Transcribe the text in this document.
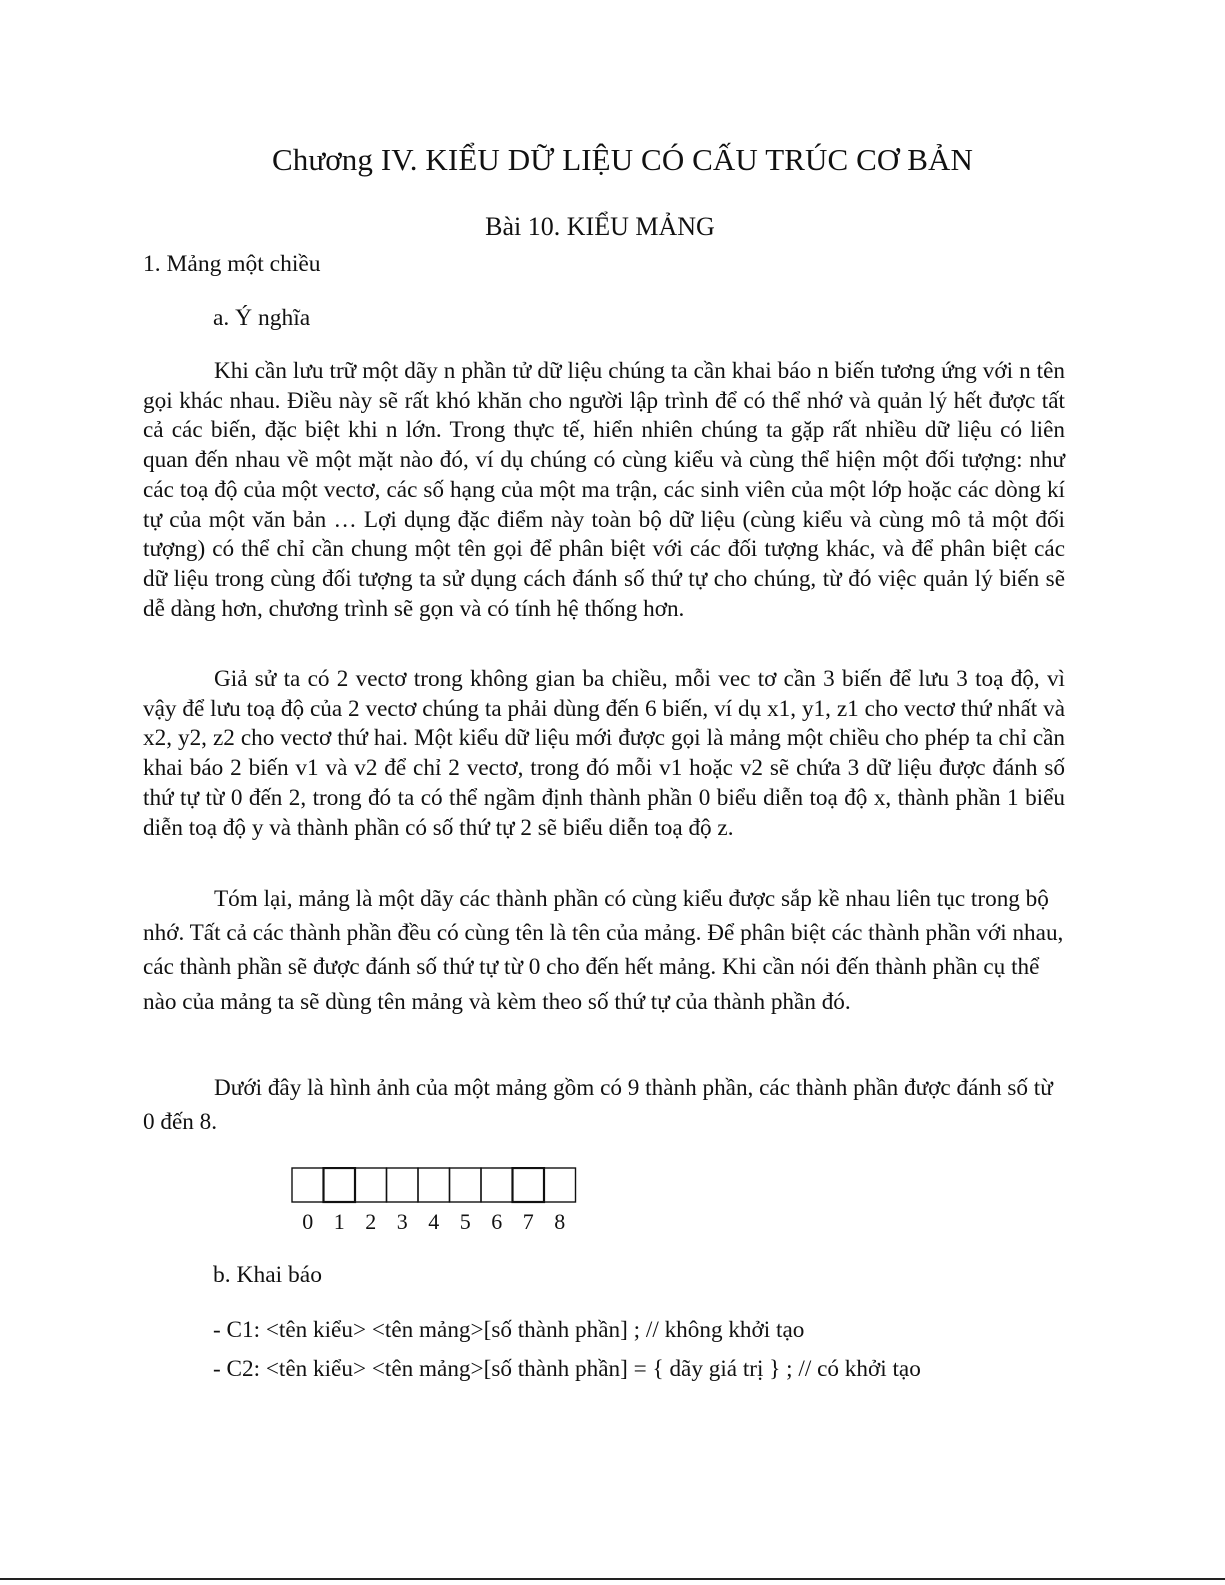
Chương IV. KIỂU DỮ LIỆU CÓ CẤU TRÚC CƠ BẢN
Bài 10. KIỂU MẢNG
1. Mảng một chiều
a. Ý nghĩa

Khi cần lưu trữ một dãy n phần tử dữ liệu chúng ta cần khai báo n biến tương ứng với n tên gọi khác nhau. Điều này sẽ rất khó khăn cho người lập trình để có thể nhớ và quản lý hết được tất cả các biến, đặc biệt khi n lớn. Trong thực tế, hiển nhiên chúng ta gặp rất nhiều dữ liệu có liên quan đến nhau về một mặt nào đó, ví dụ chúng có cùng kiểu và cùng thể hiện một đối tượng: như các toạ độ của một vectơ, các số hạng của một ma trận, các sinh viên của một lớp hoặc các dòng kí tự của một văn bản … Lợi dụng đặc điểm này toàn bộ dữ liệu (cùng kiểu và cùng mô tả một đối tượng) có thể chỉ cần chung một tên gọi để phân biệt với các đối tượng khác, và để phân biệt các dữ liệu trong cùng đối tượng ta sử dụng cách đánh số thứ tự cho chúng, từ đó việc quản lý biến sẽ dễ dàng hơn, chương trình sẽ gọn và có tính hệ thống hơn.

Giả sử ta có 2 vectơ trong không gian ba chiều, mỗi vec tơ cần 3 biến để lưu 3 toạ độ, vì vậy để lưu toạ độ của 2 vectơ chúng ta phải dùng đến 6 biến, ví dụ x1, y1, z1 cho vectơ thứ nhất và x2, y2, z2 cho vectơ thứ hai. Một kiểu dữ liệu mới được gọi là mảng một chiều cho phép ta chỉ cần khai báo 2 biến v1 và v2 để chỉ 2 vectơ, trong đó mỗi v1 hoặc v2 sẽ chứa 3 dữ liệu được đánh số thứ tự từ 0 đến 2, trong đó ta có thể ngầm định thành phần 0 biểu diễn toạ độ x, thành phần 1 biểu diễn toạ độ y và thành phần có số thứ tự 2 sẽ biểu diễn toạ độ z.

Tóm lại, mảng là một dãy các thành phần có cùng kiểu được sắp kề nhau liên tục trong bộ nhớ. Tất cả các thành phần đều có cùng tên là tên của mảng. Để phân biệt các thành phần với nhau, các thành phần sẽ được đánh số thứ tự từ 0 cho đến hết mảng. Khi cần nói đến thành phần cụ thể nào của mảng ta sẽ dùng tên mảng và kèm theo số thứ tự của thành phần đó.

Dưới đây là hình ảnh của một mảng gồm có 9 thành phần, các thành phần được đánh số từ 0 đến 8.

0 1 2 3 4 5 6 7 8
b. Khai báo
- C1: <tên kiểu> <tên mảng>[số thành phần] ; // không khởi tạo
- C2: <tên kiểu> <tên mảng>[số thành phần] = { dãy giá trị } ; // có khởi tạo
